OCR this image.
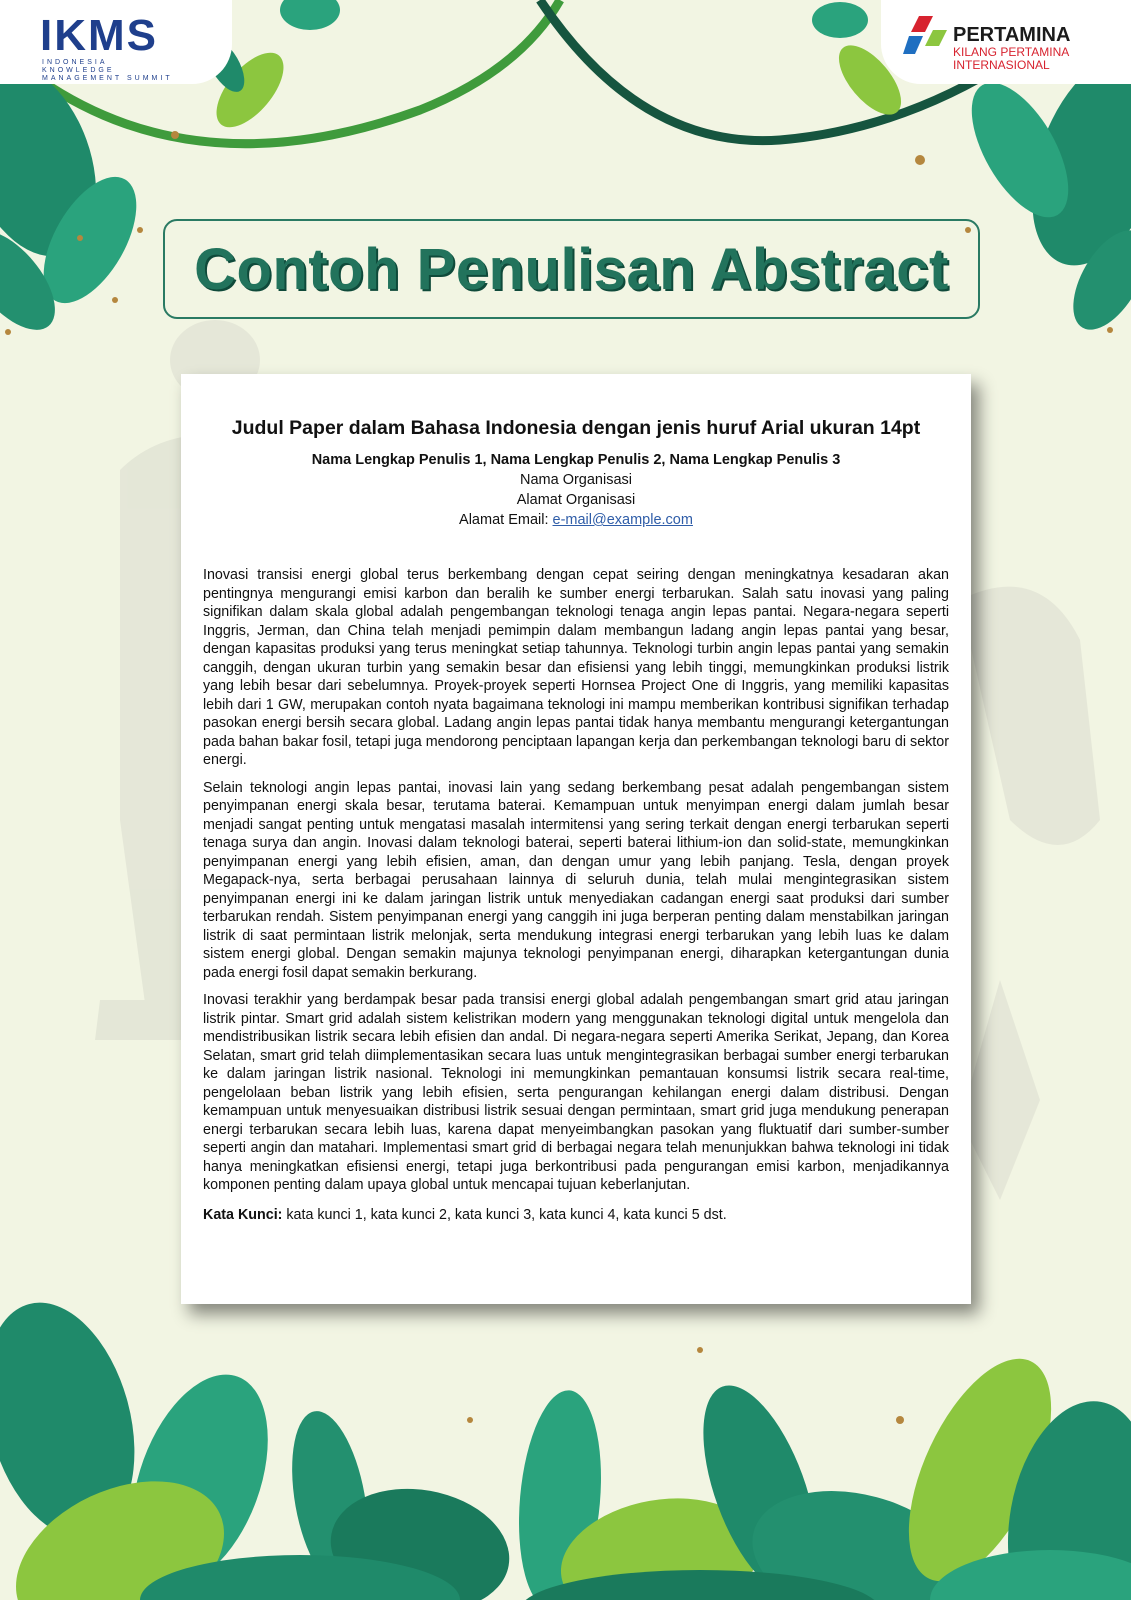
IKMS
INDONESIA KNOWLEDGE MANAGEMENT SUMMIT
PERTAMINA
KILANG PERTAMINA
INTERNASIONAL
Contoh Penulisan Abstract
Judul Paper dalam Bahasa Indonesia dengan jenis huruf Arial ukuran 14pt
Nama Lengkap Penulis 1, Nama Lengkap Penulis 2, Nama Lengkap Penulis 3
Nama Organisasi
Alamat Organisasi
Alamat Email: e-mail@example.com

Inovasi transisi energi global terus berkembang dengan cepat seiring dengan meningkatnya kesadaran akan pentingnya mengurangi emisi karbon dan beralih ke sumber energi terbarukan. Salah satu inovasi yang paling signifikan dalam skala global adalah pengembangan teknologi tenaga angin lepas pantai. Negara-negara seperti Inggris, Jerman, dan China telah menjadi pemimpin dalam membangun ladang angin lepas pantai yang besar, dengan kapasitas produksi yang terus meningkat setiap tahunnya. Teknologi turbin angin lepas pantai yang semakin canggih, dengan ukuran turbin yang semakin besar dan efisiensi yang lebih tinggi, memungkinkan produksi listrik yang lebih besar dari sebelumnya. Proyek-proyek seperti Hornsea Project One di Inggris, yang memiliki kapasitas lebih dari 1 GW, merupakan contoh nyata bagaimana teknologi ini mampu memberikan kontribusi signifikan terhadap pasokan energi bersih secara global. Ladang angin lepas pantai tidak hanya membantu mengurangi ketergantungan pada bahan bakar fosil, tetapi juga mendorong penciptaan lapangan kerja dan perkembangan teknologi baru di sektor energi.

Selain teknologi angin lepas pantai, inovasi lain yang sedang berkembang pesat adalah pengembangan sistem penyimpanan energi skala besar, terutama baterai. Kemampuan untuk menyimpan energi dalam jumlah besar menjadi sangat penting untuk mengatasi masalah intermitensi yang sering terkait dengan energi terbarukan seperti tenaga surya dan angin. Inovasi dalam teknologi baterai, seperti baterai lithium-ion dan solid-state, memungkinkan penyimpanan energi yang lebih efisien, aman, dan dengan umur yang lebih panjang. Tesla, dengan proyek Megapack-nya, serta berbagai perusahaan lainnya di seluruh dunia, telah mulai mengintegrasikan sistem penyimpanan energi ini ke dalam jaringan listrik untuk menyediakan cadangan energi saat produksi dari sumber terbarukan rendah. Sistem penyimpanan energi yang canggih ini juga berperan penting dalam menstabilkan jaringan listrik di saat permintaan listrik melonjak, serta mendukung integrasi energi terbarukan yang lebih luas ke dalam sistem energi global. Dengan semakin majunya teknologi penyimpanan energi, diharapkan ketergantungan dunia pada energi fosil dapat semakin berkurang.

Inovasi terakhir yang berdampak besar pada transisi energi global adalah pengembangan smart grid atau jaringan listrik pintar. Smart grid adalah sistem kelistrikan modern yang menggunakan teknologi digital untuk mengelola dan mendistribusikan listrik secara lebih efisien dan andal. Di negara-negara seperti Amerika Serikat, Jepang, dan Korea Selatan, smart grid telah diimplementasikan secara luas untuk mengintegrasikan berbagai sumber energi terbarukan ke dalam jaringan listrik nasional. Teknologi ini memungkinkan pemantauan konsumsi listrik secara real-time, pengelolaan beban listrik yang lebih efisien, serta pengurangan kehilangan energi dalam distribusi. Dengan kemampuan untuk menyesuaikan distribusi listrik sesuai dengan permintaan, smart grid juga mendukung penerapan energi terbarukan secara lebih luas, karena dapat menyeimbangkan pasokan yang fluktuatif dari sumber-sumber seperti angin dan matahari. Implementasi smart grid di berbagai negara telah menunjukkan bahwa teknologi ini tidak hanya meningkatkan efisiensi energi, tetapi juga berkontribusi pada pengurangan emisi karbon, menjadikannya komponen penting dalam upaya global untuk mencapai tujuan keberlanjutan.

Kata Kunci: kata kunci 1, kata kunci 2, kata kunci 3, kata kunci 4, kata kunci 5 dst.
